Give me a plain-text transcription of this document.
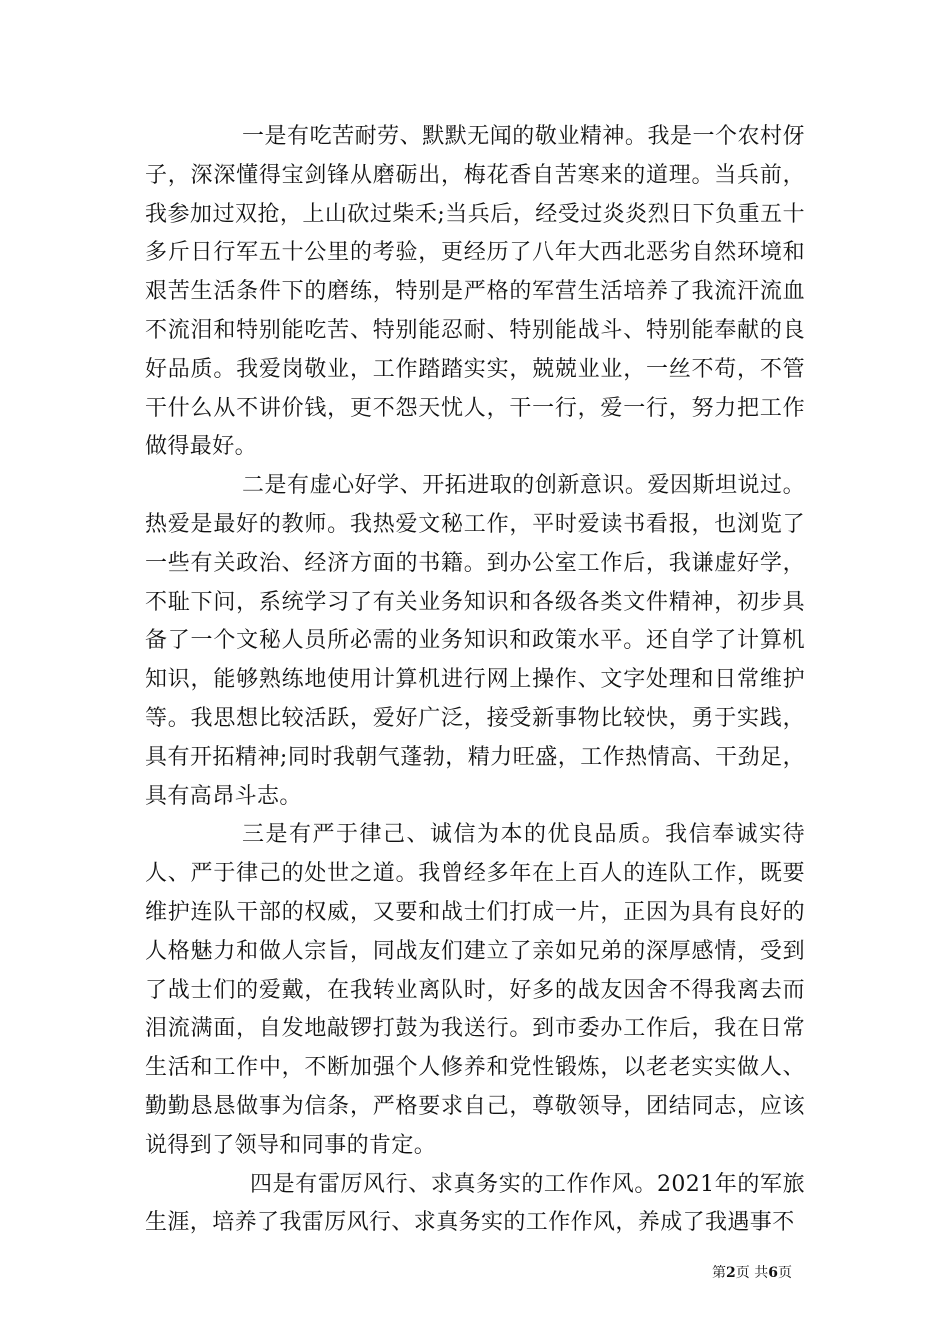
一是有吃苦耐劳、默默无闻的敬业精神。我是一个农村伢子，深深懂得宝剑锋从磨砺出，梅花香自苦寒来的道理。当兵前，我参加过双抢，上山砍过柴禾;当兵后，经受过炎炎烈日下负重五十多斤日行军五十公里的考验，更经历了八年大西北恶劣自然环境和艰苦生活条件下的磨练，特别是严格的军营生活培养了我流汗流血不流泪和特别能吃苦、特别能忍耐、特别能战斗、特别能奉献的良好品质。我爱岗敬业，工作踏踏实实，兢兢业业，一丝不苟，不管干什么从不讲价钱，更不怨天忧人，干一行，爱一行，努力把工作做得最好。

二是有虚心好学、开拓进取的创新意识。爱因斯坦说过。热爱是最好的教师。我热爱文秘工作，平时爱读书看报，也浏览了一些有关政治、经济方面的书籍。到办公室工作后，我谦虚好学，不耻下问，系统学习了有关业务知识和各级各类文件精神，初步具备了一个文秘人员所必需的业务知识和政策水平。还自学了计算机知识，能够熟练地使用计算机进行网上操作、文字处理和日常维护等。我思想比较活跃，爱好广泛，接受新事物比较快，勇于实践，具有开拓精神;同时我朝气蓬勃，精力旺盛，工作热情高、干劲足，具有高昂斗志。

三是有严于律己、诚信为本的优良品质。我信奉诚实待人、严于律己的处世之道。我曾经多年在上百人的连队工作，既要维护连队干部的权威，又要和战士们打成一片，正因为具有良好的人格魅力和做人宗旨，同战友们建立了亲如兄弟的深厚感情，受到了战士们的爱戴，在我转业离队时，好多的战友因舍不得我离去而泪流满面，自发地敲锣打鼓为我送行。到市委办工作后，我在日常生活和工作中，不断加强个人修养和党性锻炼，以老老实实做人、勤勤恳恳做事为信条，严格要求自己，尊敬领导，团结同志，应该说得到了领导和同事的肯定。

四是有雷厉风行、求真务实的工作作风。2021年的军旅生涯，培养了我雷厉风行、求真务实的工作作风，养成了我遇事不

第2页 共6页
